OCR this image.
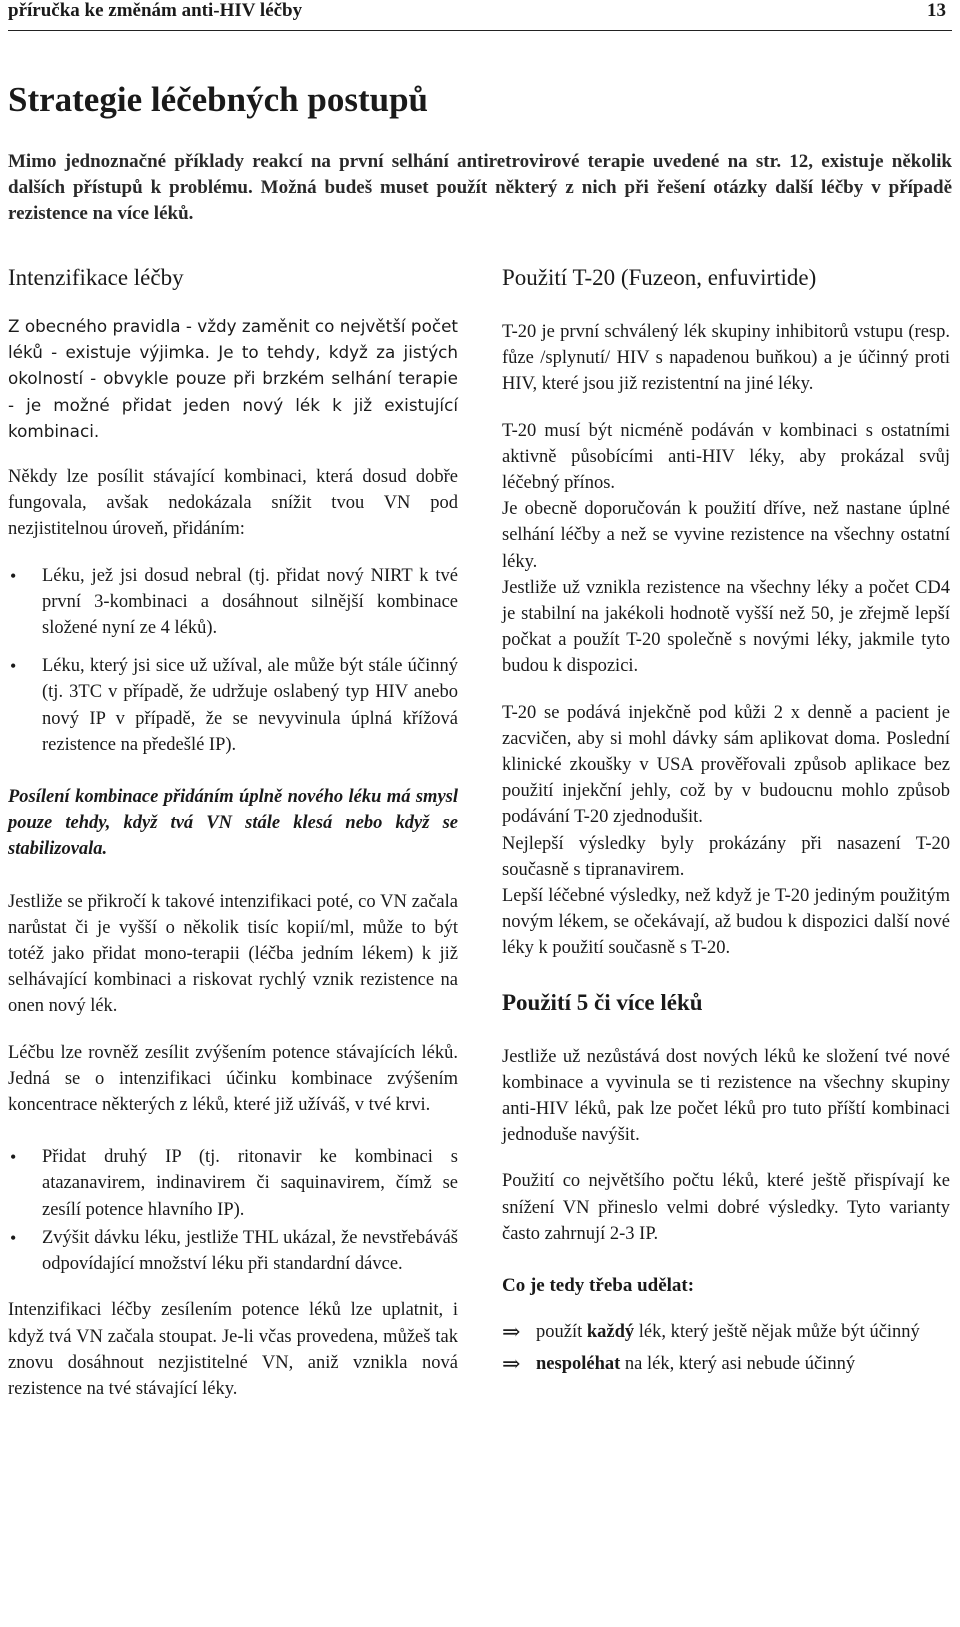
příručka ke změnám anti-HIV léčby	13
Strategie léčebných postupů

Mimo jednoznačné příklady reakcí na první selhání antiretrovirové terapie uvedené na str. 12, existuje několik dalších přístupů k problému. Možná budeš muset použít některý z nich při řešení otázky další léčby v případě rezistence na více léků.

Intenzifikace léčby

Z obecného pravidla - vždy zaměnit co největší počet léků - existuje výjimka. Je to tehdy, když za jistých okolností - obvykle pouze při brzkém selhání terapie - je možné přidat jeden nový lék k již existující kombinaci.

Někdy lze posílit stávající kombinaci, která dosud dobře fungovala, avšak nedokázala snížit tvou VN pod nezjistitelnou úroveň, přidáním:

• Léku, jež jsi dosud nebral (tj. přidat nový NIRT k tvé první 3-kombinaci a dosáhnout silnější kombinace složené nyní ze 4 léků).
• Léku, který jsi sice už užíval, ale může být stále účinný (tj. 3TC v případě, že udržuje oslabený typ HIV anebo nový IP v případě, že se nevyvinula úplná křížová rezistence na předešlé IP).

Posílení kombinace přidáním úplně nového léku má smysl pouze tehdy, když tvá VN stále klesá nebo když se stabilizovala.

Jestliže se přikročí k takové intenzifikaci poté, co VN začala narůstat či je vyšší o několik tisíc kopií/ml, může to být totéž jako přidat mono-terapii (léčba jedním lékem) k již selhávající kombinaci a riskovat rychlý vznik rezistence na onen nový lék.

Léčbu lze rovněž zesílit zvýšením potence stávajících léků. Jedná se o intenzifikaci účinku kombinace zvýšením koncentrace některých z léků, které již užíváš, v tvé krvi.

• Přidat druhý IP (tj. ritonavir ke kombinaci s atazanavirem, indinavirem či saquinavirem, čímž se zesílí potence hlavního IP).
• Zvýšit dávku léku, jestliže THL ukázal, že nevstřebáváš odpovídající množství léku při standardní dávce.

Intenzifikaci léčby zesílením potence léků lze uplatnit, i když tvá VN začala stoupat. Je-li včas provedena, můžeš tak znovu dosáhnout nezjistitelné VN, aniž vznikla nová rezistence na tvé stávající léky.

Použití T-20 (Fuzeon, enfuvirtide)

T-20 je první schválený lék skupiny inhibitorů vstupu (resp. fůze /splynutí/ HIV s napadenou buňkou) a je účinný proti HIV, které jsou již rezistentní na jiné léky.

T-20 musí být nicméně podáván v kombinaci s ostatními aktivně působícími anti-HIV léky, aby prokázal svůj léčebný přínos.

Je obecně doporučován k použití dříve, než nastane úplné selhání léčby a než se vyvine rezistence na všechny ostatní léky.

Jestliže už vznikla rezistence na všechny léky a počet CD4 je stabilní na jakékoli hodnotě vyšší než 50, je zřejmě lepší počkat a použít T-20 společně s novými léky, jakmile tyto budou k dispozici.

T-20 se podává injekčně pod kůži 2 x denně a pacient je zacvičen, aby si mohl dávky sám aplikovat doma. Poslední klinické zkoušky v USA prověřovali způsob aplikace bez použití injekční jehly, což by v budoucnu mohlo způsob podávání T-20 zjednodušit.

Nejlepší výsledky byly prokázány při nasazení T-20 současně s tipranavirem.

Lepší léčebné výsledky, než když je T-20 jediným použitým novým lékem, se očekávají, až budou k dispozici další nové léky k použití současně s T-20.

Použití 5 či více léků

Jestliže už nezůstává dost nových léků ke složení tvé nové kombinace a vyvinula se ti rezistence na všechny skupiny anti-HIV léků, pak lze počet léků pro tuto příští kombinaci jednoduše navýšit.

Použití co největšího počtu léků, které ještě přispívají ke snížení VN přineslo velmi dobré výsledky. Tyto varianty často zahrnují 2-3 IP.

Co je tedy třeba udělat:
⇒ použít každý lék, který ještě nějak může být účinný
⇒ nespoléhat na lék, který asi nebude účinný
